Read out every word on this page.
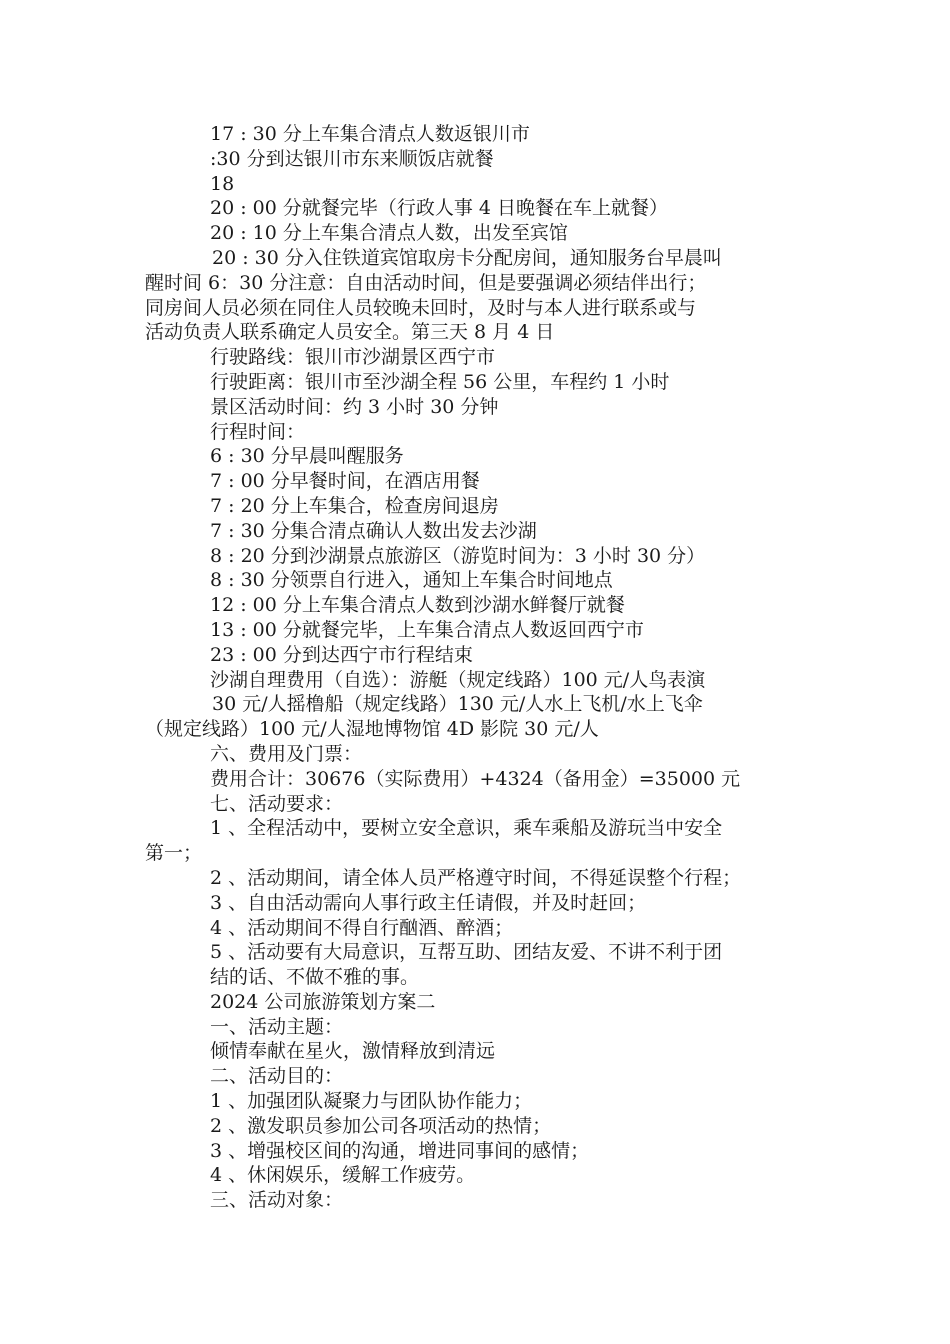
17 : 30 分上车集合清点人数返银川市
:30 分到达银川市东来顺饭店就餐
18
20 : 00 分就餐完毕（行政人事 4 日晚餐在车上就餐）
20 : 10 分上车集合清点人数，出发至宾馆
20 : 30 分入住铁道宾馆取房卡分配房间，通知服务台早晨叫
醒时间 6：30 分注意：自由活动时间，但是要强调必须结伴出行；
同房间人员必须在同住人员较晚未回时，及时与本人进行联系或与
活动负责人联系确定人员安全。第三天 8 月 4 日
行驶路线：银川市沙湖景区西宁市
行驶距离：银川市至沙湖全程 56 公里，车程约 1 小时
景区活动时间：约 3 小时 30 分钟
行程时间：
6 : 30 分早晨叫醒服务
7 : 00 分早餐时间，在酒店用餐
7 : 20 分上车集合，检查房间退房
7 : 30 分集合清点确认人数出发去沙湖
8 : 20 分到沙湖景点旅游区（游览时间为：3 小时 30 分）
8 : 30 分领票自行进入，通知上车集合时间地点
12 : 00 分上车集合清点人数到沙湖水鲜餐厅就餐
13 : 00 分就餐完毕，上车集合清点人数返回西宁市
23 : 00 分到达西宁市行程结束
沙湖自理费用（自选）：游艇（规定线路）100 元/人鸟表演
30 元/人摇橹船（规定线路）130 元/人水上飞机/水上飞伞
（规定线路）100 元/人湿地博物馆 4D 影院 30 元/人
六、费用及门票：
费用合计：30676（实际费用）+4324（备用金）=35000 元
七、活动要求：
1 、全程活动中，要树立安全意识，乘车乘船及游玩当中安全
第一；
2 、活动期间，请全体人员严格遵守时间，不得延误整个行程；
3 、自由活动需向人事行政主任请假，并及时赶回；
4 、活动期间不得自行酗酒、醉酒；
5 、活动要有大局意识，互帮互助、团结友爱、不讲不利于团
结的话、不做不雅的事。
2024 公司旅游策划方案二
一、活动主题：
倾情奉献在星火，激情释放到清远
二、活动目的：
1 、加强团队凝聚力与团队协作能力；
2 、激发职员参加公司各项活动的热情；
3 、增强校区间的沟通，增进同事间的感情；
4 、休闲娱乐，缓解工作疲劳。
三、活动对象：
